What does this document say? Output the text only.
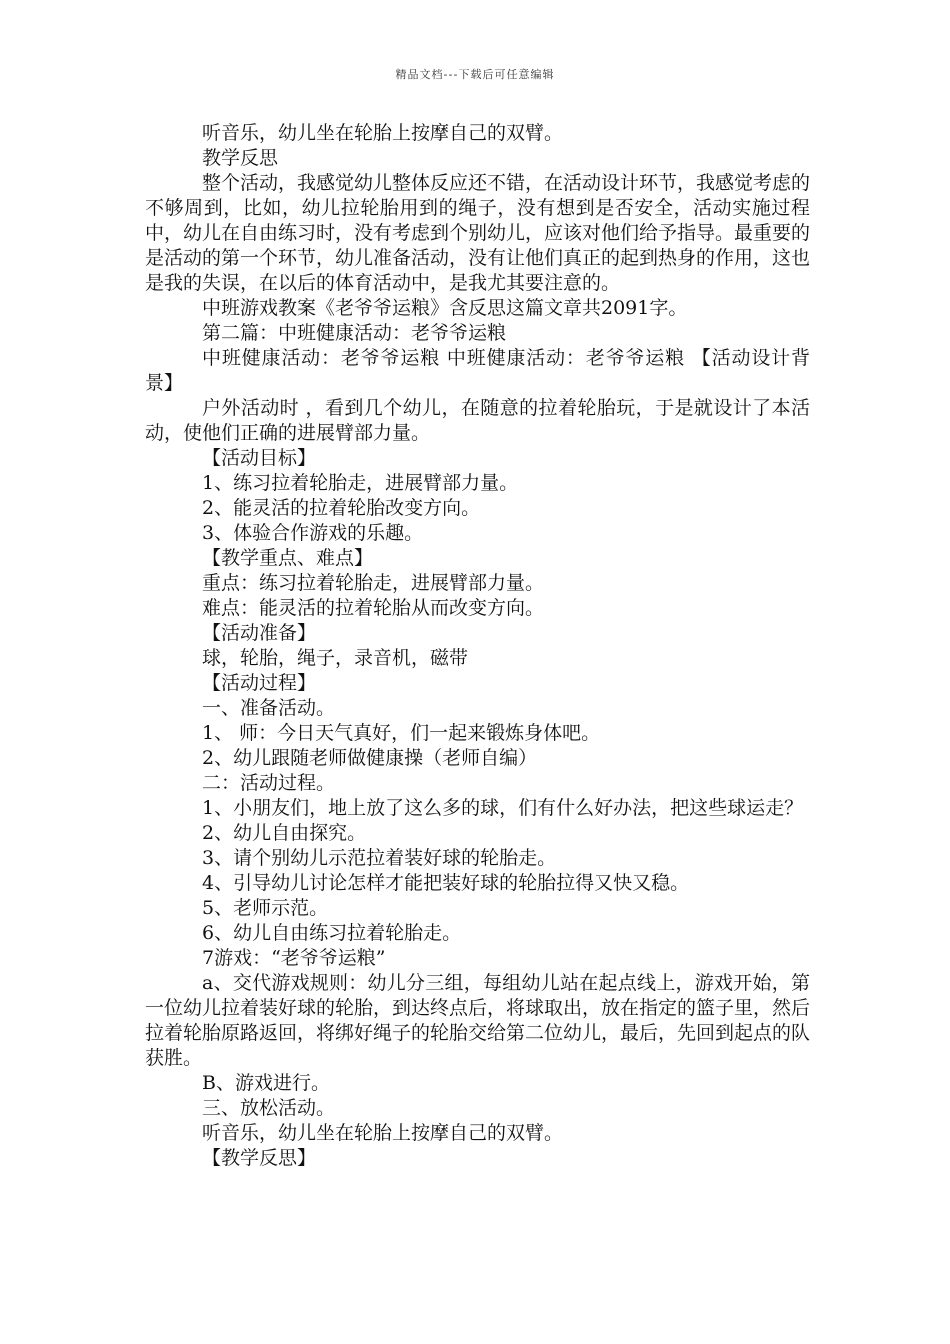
精品文档---下载后可任意编辑

听音乐，幼儿坐在轮胎上按摩自己的双臂。

教学反思

整个活动，我感觉幼儿整体反应还不错，在活动设计环节，我感觉考虑的不够周到，比如，幼儿拉轮胎用到的绳子，没有想到是否安全，活动实施过程中，幼儿在自由练习时，没有考虑到个别幼儿，应该对他们给予指导。最重要的是活动的第一个环节，幼儿准备活动，没有让他们真正的起到热身的作用，这也是我的失误，在以后的体育活动中，是我尤其要注意的。

中班游戏教案《老爷爷运粮》含反思这篇文章共2091字。

第二篇：中班健康活动：老爷爷运粮

中班健康活动：老爷爷运粮 中班健康活动：老爷爷运粮 【活动设计背景】

户外活动时 ，看到几个幼儿，在随意的拉着轮胎玩，于是就设计了本活动，使他们正确的进展臂部力量。

【活动目标】

1、练习拉着轮胎走，进展臂部力量。

2、能灵活的拉着轮胎改变方向。

3、体验合作游戏的乐趣。

【教学重点、难点】

重点：练习拉着轮胎走，进展臂部力量。

难点：能灵活的拉着轮胎从而改变方向。

【活动准备】

球，轮胎，绳子，录音机，磁带

【活动过程】

一、准备活动。

1、 师：今日天气真好，们一起来锻炼身体吧。

2、幼儿跟随老师做健康操（老师自编）

二：活动过程。

1、小朋友们，地上放了这么多的球，们有什么好办法，把这些球运走？

2、幼儿自由探究。

3、请个别幼儿示范拉着装好球的轮胎走。

4、引导幼儿讨论怎样才能把装好球的轮胎拉得又快又稳。

5、老师示范。

6、幼儿自由练习拉着轮胎走。

7游戏：“老爷爷运粮”

a、交代游戏规则：幼儿分三组，每组幼儿站在起点线上，游戏开始，第一位幼儿拉着装好球的轮胎，到达终点后，将球取出，放在指定的篮子里，然后拉着轮胎原路返回，将绑好绳子的轮胎交给第二位幼儿，最后，先回到起点的队获胜。

B、游戏进行。

三、放松活动。

听音乐，幼儿坐在轮胎上按摩自己的双臂。

【教学反思】
